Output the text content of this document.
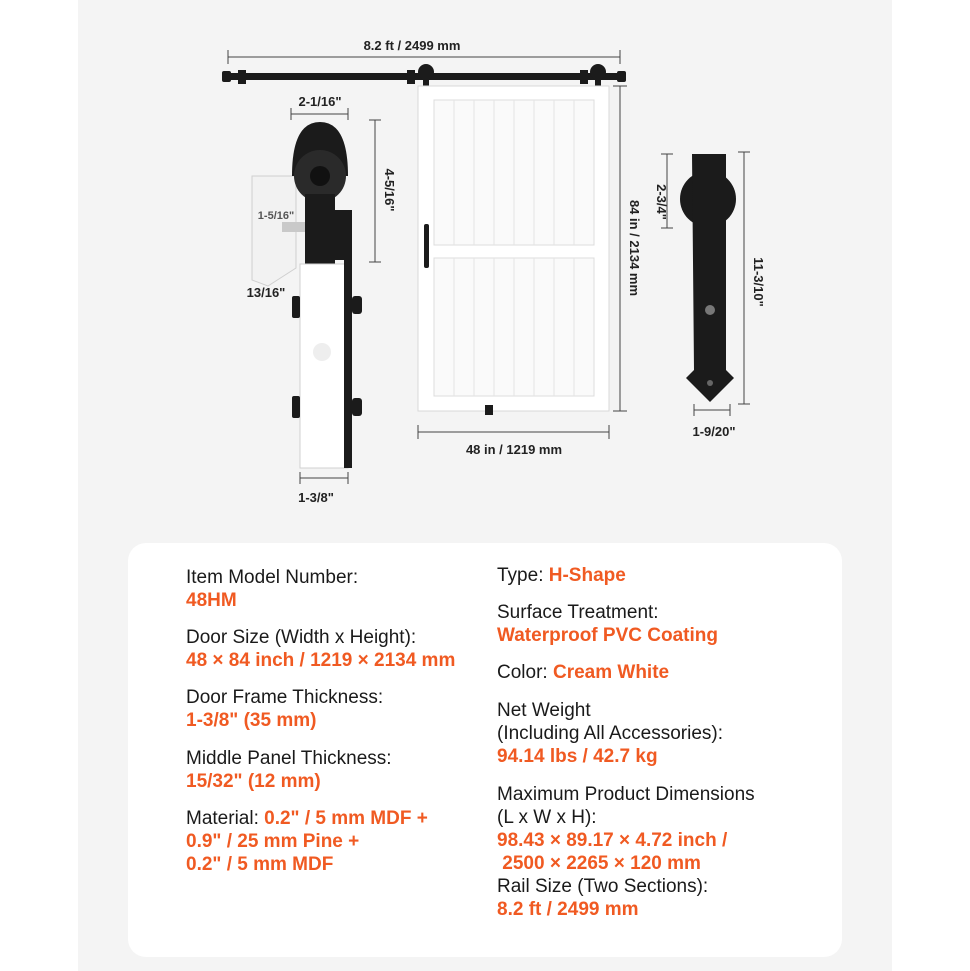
8.2 ft / 2499 mm
84 in / 2134 mm
48 in / 1219 mm
2-1/16"
4-5/16"
1-5/16"
13/16"
1-3/8"
2-3/4"
11-3/10"
1-9/20"
Item Model Number:
48HM
Door Size (Width x Height):
48 × 84 inch / 1219 × 2134 mm
Door Frame Thickness:
1-3/8" (35 mm)
Middle Panel Thickness:
15/32" (12 mm)
Material: 0.2" / 5 mm MDF +
0.9" / 25 mm Pine +
0.2" / 5 mm MDF
Type: H-Shape
Surface Treatment:
Waterproof PVC Coating
Color: Cream White
Net Weight
(Including All Accessories):
94.14 lbs / 42.7 kg
Maximum Product Dimensions
(L x W x H):
98.43 × 89.17 × 4.72 inch /
2500 × 2265 × 120 mm
Rail Size (Two Sections):
8.2 ft / 2499 mm
